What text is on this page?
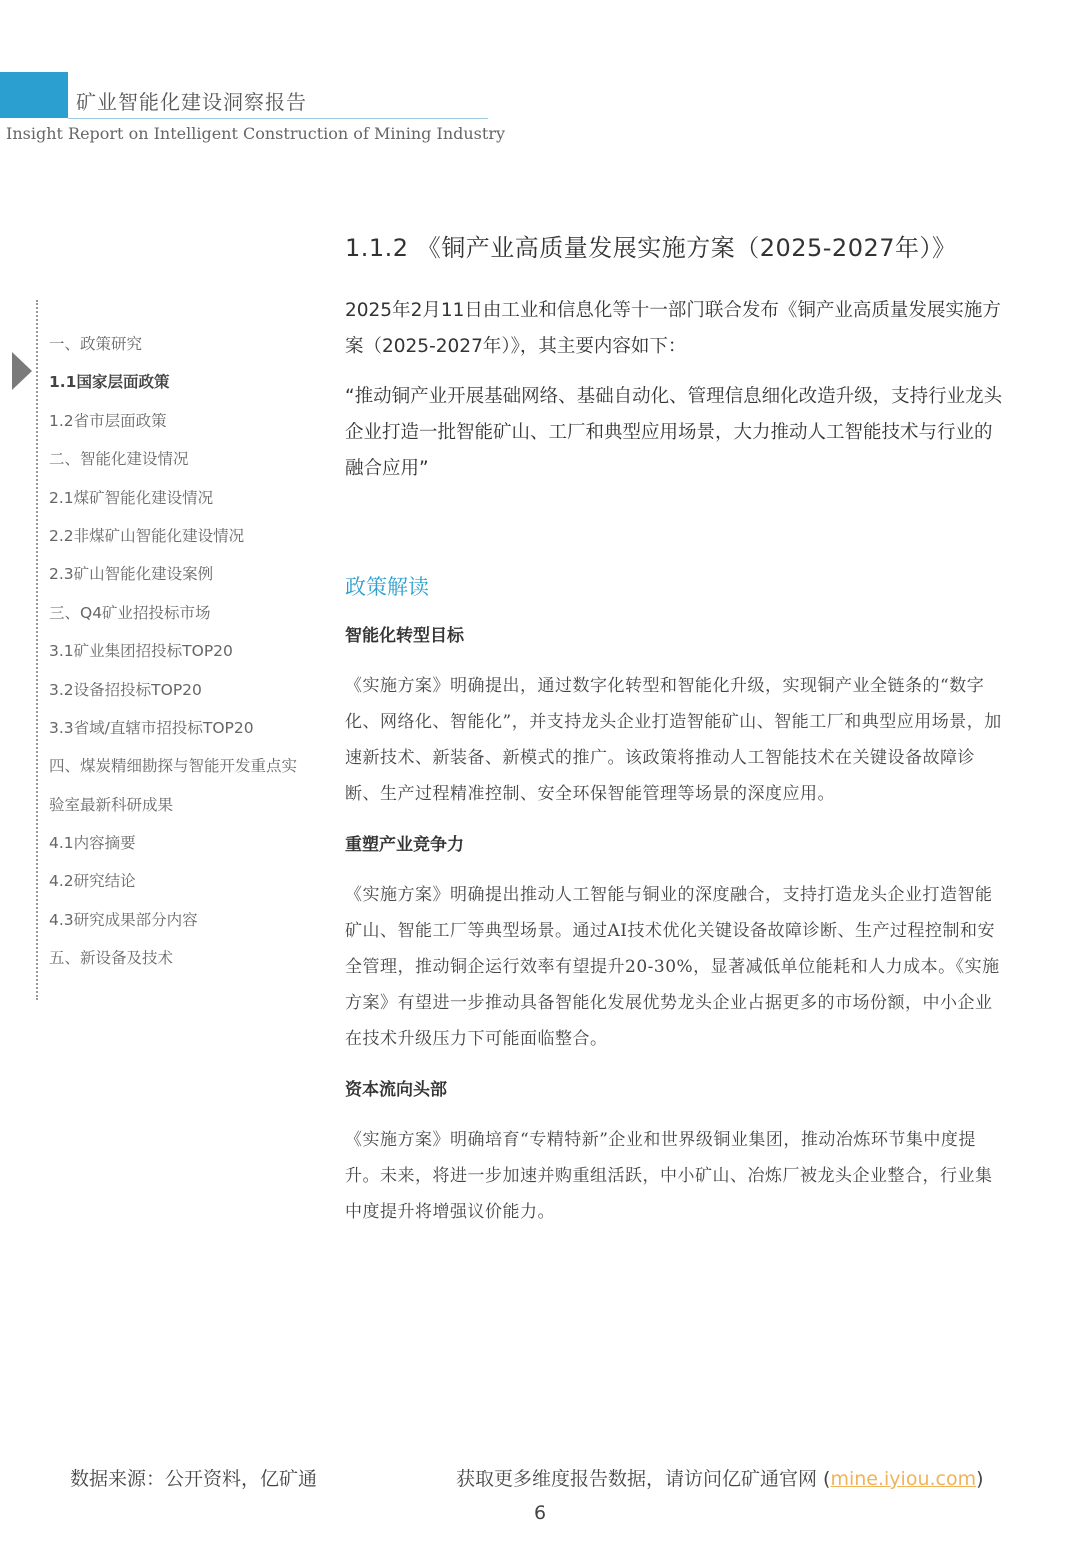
矿业智能化建设洞察报告
Insight Report on Intelligent Construction of Mining Industry
一、政策研究
1.1国家层面政策
1.2省市层面政策
二、智能化建设情况
2.1煤矿智能化建设情况
2.2非煤矿山智能化建设情况
2.3矿山智能化建设案例
三、Q4矿业招投标市场
3.1矿业集团招投标TOP20
3.2设备招投标TOP20
3.3省域/直辖市招投标TOP20
四、煤炭精细勘探与智能开发重点实
验室最新科研成果
4.1内容摘要
4.2研究结论
4.3研究成果部分内容
五、新设备及技术
1.1.2 《铜产业高质量发展实施方案（2025-2027年）》

2025年2月11日由工业和信息化等十一部门联合发布《铜产业高质量发展实施方案（2025-2027年）》，其主要内容如下：

“推动铜产业开展基础网络、基础自动化、管理信息细化改造升级，支持行业龙头企业打造一批智能矿山、工厂和典型应用场景，大力推动人工智能技术与行业的融合应用”

政策解读
智能化转型目标

《实施方案》明确提出，通过数字化转型和智能化升级，实现铜产业全链条的“数字化、网络化、智能化”，并支持龙头企业打造智能矿山、智能工厂和典型应用场景，加速新技术、新装备、新模式的推广。该政策将推动人工智能技术在关键设备故障诊断、生产过程精准控制、安全环保智能管理等场景的深度应用。

重塑产业竞争力

《实施方案》明确提出推动人工智能与铜业的深度融合，支持打造龙头企业打造智能矿山、智能工厂等典型场景。通过AI技术优化关键设备故障诊断、生产过程控制和安全管理，推动铜企运行效率有望提升20-30%，显著减低单位能耗和人力成本。《实施方案》有望进一步推动具备智能化发展优势龙头企业占据更多的市场份额，中小企业在技术升级压力下可能面临整合。

资本流向头部

《实施方案》明确培育“专精特新”企业和世界级铜业集团，推动冶炼环节集中度提升。未来，将进一步加速并购重组活跃，中小矿山、冶炼厂被龙头企业整合，行业集中度提升将增强议价能力。

数据来源：公开资料，亿矿通	获取更多维度报告数据，请访问亿矿通官网 (mine.iyiou.com)
6
